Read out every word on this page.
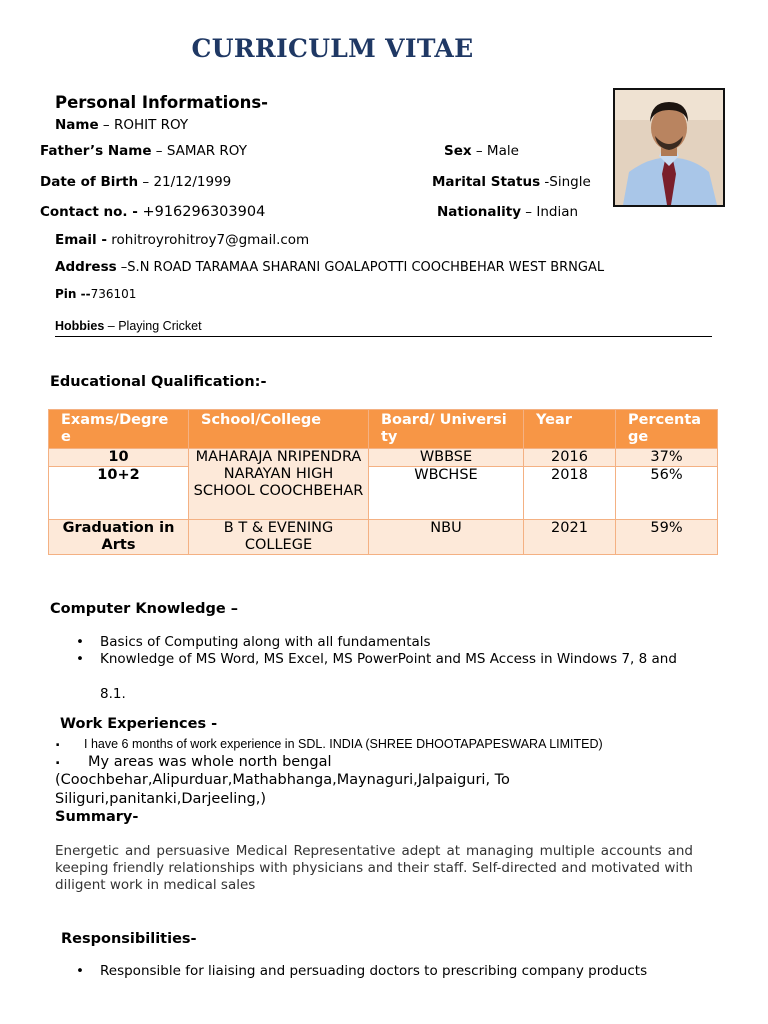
CURRICULM VITAE
Personal Informations-
Name – ROHIT ROY
Father’s Name – SAMAR ROY	Sex – Male
Date of Birth – 21/12/1999	Marital Status -Single
Contact no. - +916296303904	Nationality – Indian
Email - rohitroyrohitroy7@gmail.com
Address –S.N ROAD TARAMAA SHARANI GOALAPOTTI COOCHBEHAR WEST BRNGAL
Pin --736101
Hobbies – Playing Cricket
Educational Qualification:-
Exams/Degree	School/College	Board/ University	Year	Percentage
10	MAHARAJA NRIPENDRA NARAYAN HIGH SCHOOL COOCHBEHAR	WBBSE	2016	37%
10+2		WBCHSE	2018	56%
Graduation in Arts	B T & EVENING COLLEGE	NBU	2021	59%
Computer Knowledge –
• Basics of Computing along with all fundamentals
• Knowledge of MS Word, MS Excel, MS PowerPoint and MS Access in Windows 7, 8 and
8.1.
Work Experiences -
. I have 6 months of work experience in SDL. INDIA (SHREE DHOOTAPAPESWARA LIMITED)
. My areas was whole north bengal
(Coochbehar,Alipurduar,Mathabhanga,Maynaguri,Jalpaiguri, To
Siliguri,panitanki,Darjeeling,)
Summary-
Energetic and persuasive Medical Representative adept at managing multiple accounts and keeping friendly relationships with physicians and their staff. Self-directed and motivated with diligent work in medical sales
Responsibilities-
• Responsible for liaising and persuading doctors to prescribing company products
